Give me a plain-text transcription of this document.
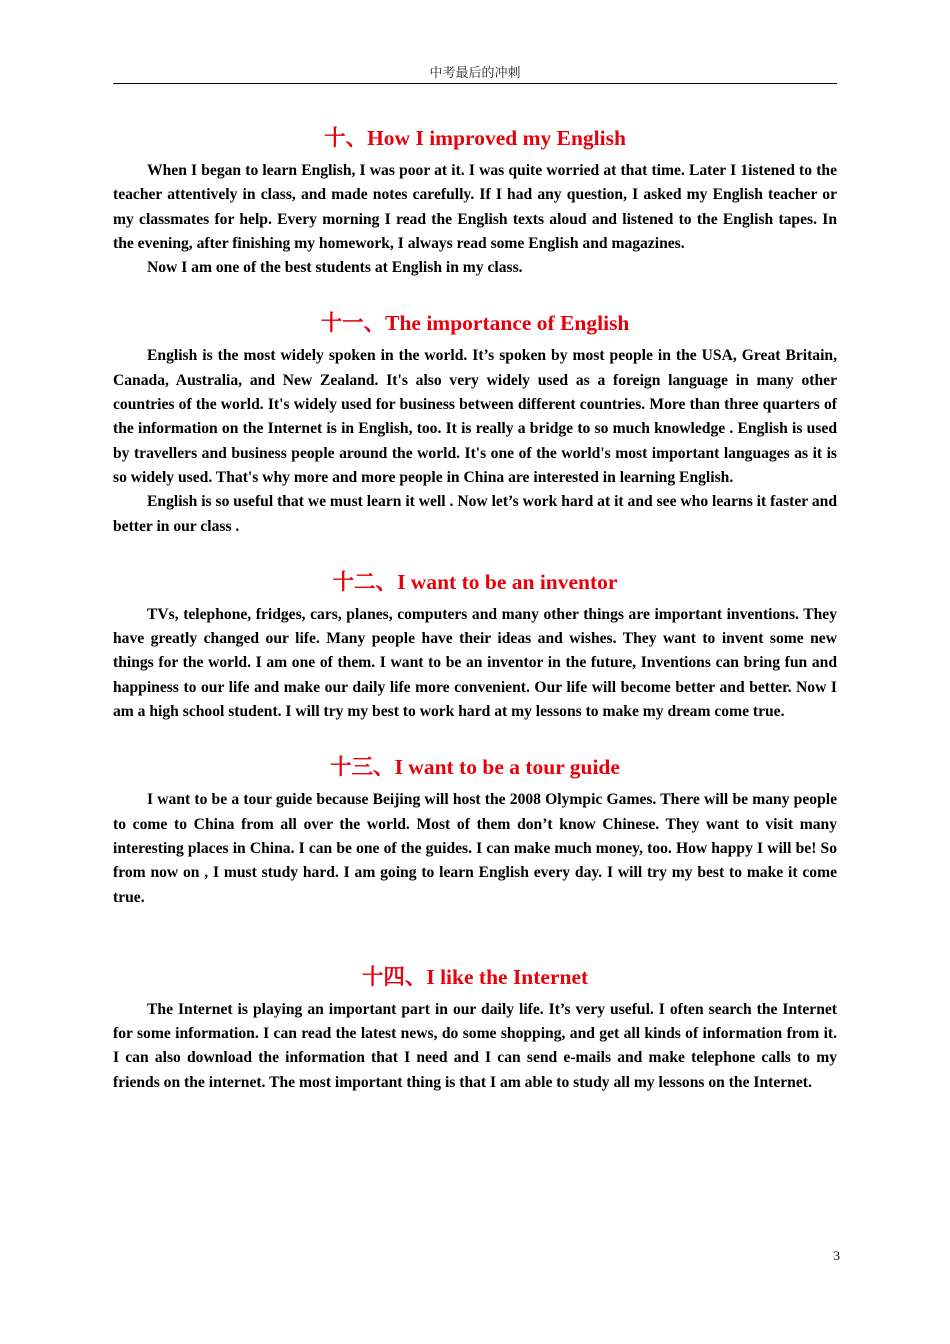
中考最后的冲刺
十、How I improved my English

When I began to learn English, I was poor at it. I was quite worried at that time. Later I 1istened to the teacher attentively in class, and made notes carefully. If I had any question, I asked my English teacher or my classmates for help. Every morning I read the English texts aloud and listened to the English tapes. In the evening, after finishing my homework, I always read some English and magazines.

Now I am one of the best students at English in my class.

十一、The importance of English

English is the most widely spoken in the world. It’s spoken by most people in the USA, Great Britain, Canada, Australia, and New Zealand. It's also very widely used as a foreign language in many other countries of the world. It's widely used for business between different countries. More than three quarters of the information on the Internet is in English, too. It is really a bridge to so much knowledge . English is used by travellers and business people around the world. It's one of the world's most important languages as it is so widely used. That's why more and more people in China are interested in learning English.

English is so useful that we must learn it well . Now let’s work hard at it and see who learns it faster and better in our class .

十二、I want to be an inventor

TVs, telephone, fridges, cars, planes, computers and many other things are important inventions. They have greatly changed our life. Many people have their ideas and wishes. They want to invent some new things for the world. I am one of them. I want to be an inventor in the future, Inventions can bring fun and happiness to our life and make our daily life more convenient. Our life will become better and better. Now I am a high school student. I will try my best to work hard at my lessons to make my dream come true.

十三、I want to be a tour guide

I want to be a tour guide because Beijing will host the 2008 Olympic Games. There will be many people to come to China from all over the world. Most of them don’t know Chinese. They want to visit many interesting places in China. I can be one of the guides. I can make much money, too. How happy I will be! So from now on , I must study hard. I am going to learn English every day. I will try my best to make it come true.

十四、I like the Internet

The Internet is playing an important part in our daily life. It’s very useful. I often search the Internet for some information. I can read the latest news, do some shopping, and get all kinds of information from it. I can also download the information that I need and I can send e-mails and make telephone calls to my friends on the internet. The most important thing is that I am able to study all my lessons on the Internet.

3
